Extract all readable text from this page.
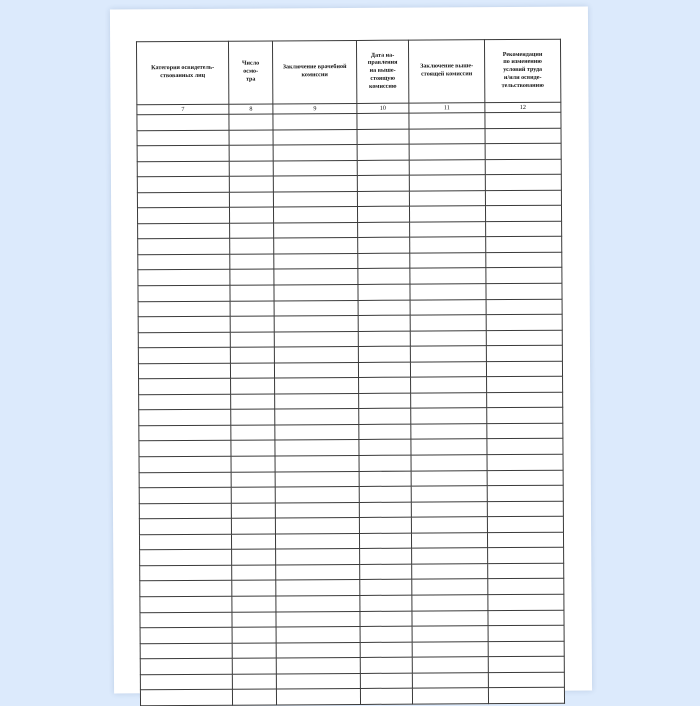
Категория освидетель-
ствованных лиц	Число
осмо-
тра	Заключение врачебной
комиссии	Дата на-
правления
на выше-
стоящую
комиссию	Заключение выше-
стоящей комиссии	Рекомендации
по изменению
условий труда
и/или освиде-
тельствованию

7	8	9	10	11	12
